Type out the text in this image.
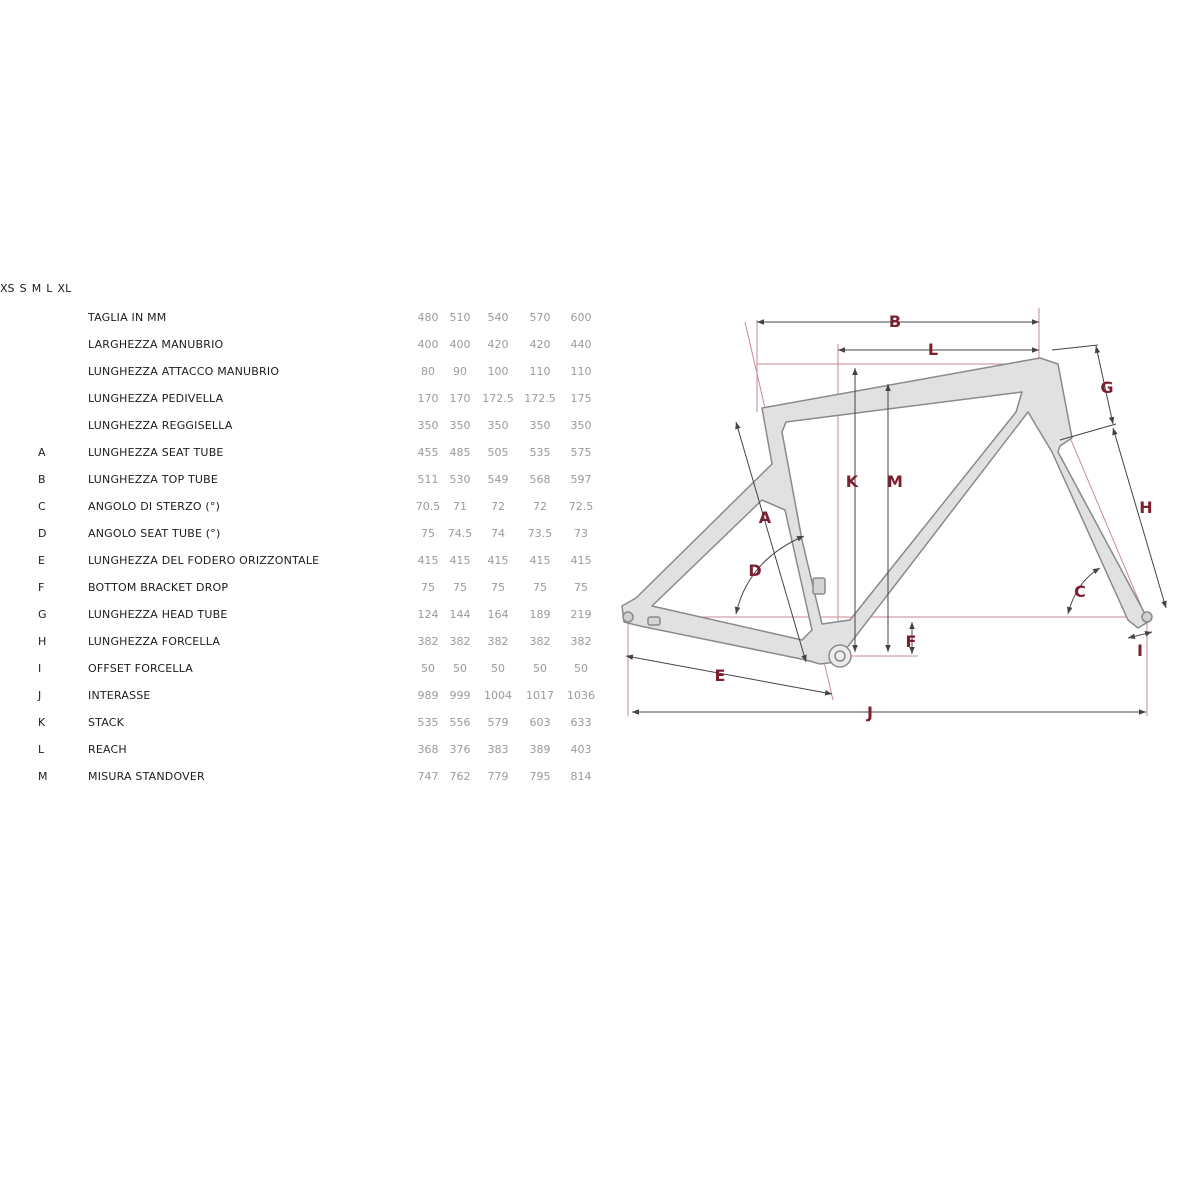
XS S M L XL
TAGLIA IN MM	480	510	540	570	600
LARGHEZZA MANUBRIO	400	400	420	420	440
LUNGHEZZA ATTACCO MANUBRIO	80	90	100	110	110
LUNGHEZZA PEDIVELLA	170	170	172.5 172.5	175
LUNGHEZZA REGGISELLA	350	350	350	350	350
A	LUNGHEZZA SEAT TUBE	455	485	505	535	575
B	LUNGHEZZA TOP TUBE	511	530	549	568	597
C	ANGOLO DI STERZO (°)	70.5	71	72	72	72.5
D	ANGOLO SEAT TUBE (°)	75	74.5	74	73.5	73
E	LUNGHEZZA DEL FODERO ORIZZONTALE	415	415	415	415	415
F	BOTTOM BRACKET DROP	75	75	75	75	75
G	LUNGHEZZA HEAD TUBE	124	144	164	189	219
H	LUNGHEZZA FORCELLA	382	382	382	382	382
I	OFFSET FORCELLA	50	50	50	50	50
J	INTERASSE	989	999	1004	1017	1036
K	STACK	535	556	579	603	633
L	REACH	368	376	383	389	403
M	MISURA STANDOVER	747	762	779	795	814
B
L
K M
A
D
G
H
C
F	I
E
J
